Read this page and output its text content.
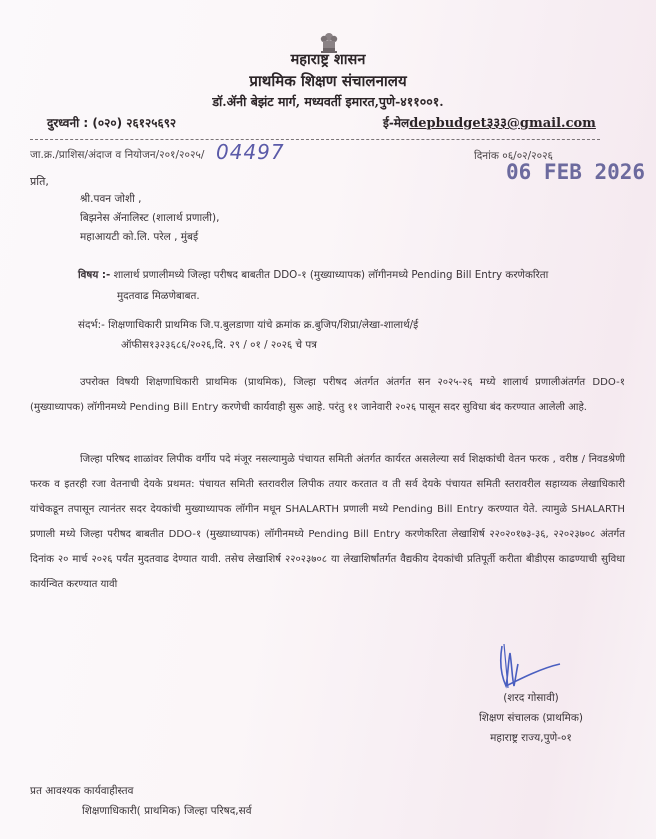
महाराष्ट्र शासन
प्राथमिक शिक्षण संचालनालय
डॉ.ॲनी बेझंट मार्ग, मध्यवर्ती इमारत,पुणे-४११००१.
दुरध्वनी : (०२०) २६१२५६९२	ई-मेलdepbudget३३३@gmail.com
जा.क्र./प्राशिस/अंदाज व नियोजन/२०१/२०२५/ 04497	दिनांक ०६/०२/२०२६
06 FEB 2026
प्रति,
श्री.पवन जोशी ,
बिझनेस ॲनालिस्ट (शालार्थ प्रणाली),
महाआयटी को.लि. परेल , मुंबई
विषय :- शालार्थ प्रणालीमध्ये जिल्हा परीषद बाबतीत DDO-१ (मुख्याध्यापक) लॉगीनमध्ये Pending Bill Entry करणेकरिता
मुदतवाढ मिळणेबाबत.
संदर्भ:- शिक्षणाधिकारी प्राथमिक जि.प.बुलडाणा यांचे क्रमांक क्र.बुजिप/शिप्रा/लेखा-शालार्थ/ई
ऑफीस१३२३६८६/२०२६,दि. २९ / ०१ / २०२६ चे पत्र
उपरोक्त विषयी शिक्षणाधिकारी प्राथमिक (प्राथमिक), जिल्हा परीषद अंतर्गत अंतर्गत सन २०२५-२६ मध्ये शालार्थ प्रणालीअंतर्गत DDO-१ (मुख्याध्यापक) लॉगीनमध्ये Pending Bill Entry करणेची कार्यवाही सुरू आहे. परंतु ११ जानेवारी २०२६ पासून सदर सुविधा बंद करण्यात आलेली आहे.
जिल्हा परिषद शाळांवर लिपीक वर्गीय पदे मंजूर नसल्यामुळे पंचायत समिती अंतर्गत कार्यरत असलेल्या सर्व शिक्षकांची वेतन फरक , वरीष्ठ / निवडश्रेणी फरक व इतरही रजा वेतनाची देयके प्रथमत: पंचायत समिती स्तरावरील लिपीक तयार करतात व ती सर्व देयके पंचायत समिती स्तरावरील सहाय्यक लेखाधिकारी यांचेकडून तपासून त्यानंतर सदर देयकांची मुख्याध्यापक लॉगीन मधून SHALARTH प्रणाली मध्ये Pending Bill Entry करण्यात येते. त्यामुळे SHALARTH प्रणाली मध्ये जिल्हा परीषद बाबतीत DDO-१ (मुख्याध्यापक) लॉगीनमध्ये Pending Bill Entry करणेकरिता लेखाशिर्ष २२०२०१७३-३६, २२०२३७०८ अंतर्गत दिनांक २० मार्च २०२६ पर्यंत मुदतवाढ देण्यात यावी. तसेच लेखाशिर्ष २२०२३७०८ या लेखाशिर्षांतर्गत वैद्यकीय देयकांची प्रतिपूर्ती करीता बीडीएस काढण्याची सुविधा कार्यन्वित करण्यात यावी
(शरद गोसावी)
शिक्षण संचालक (प्राथमिक)
महाराष्ट्र राज्य,पुणे-०१
प्रत आवश्यक कार्यवाहीस्तव
शिक्षणाधिकारी( प्राथमिक) जिल्हा परिषद,सर्व
